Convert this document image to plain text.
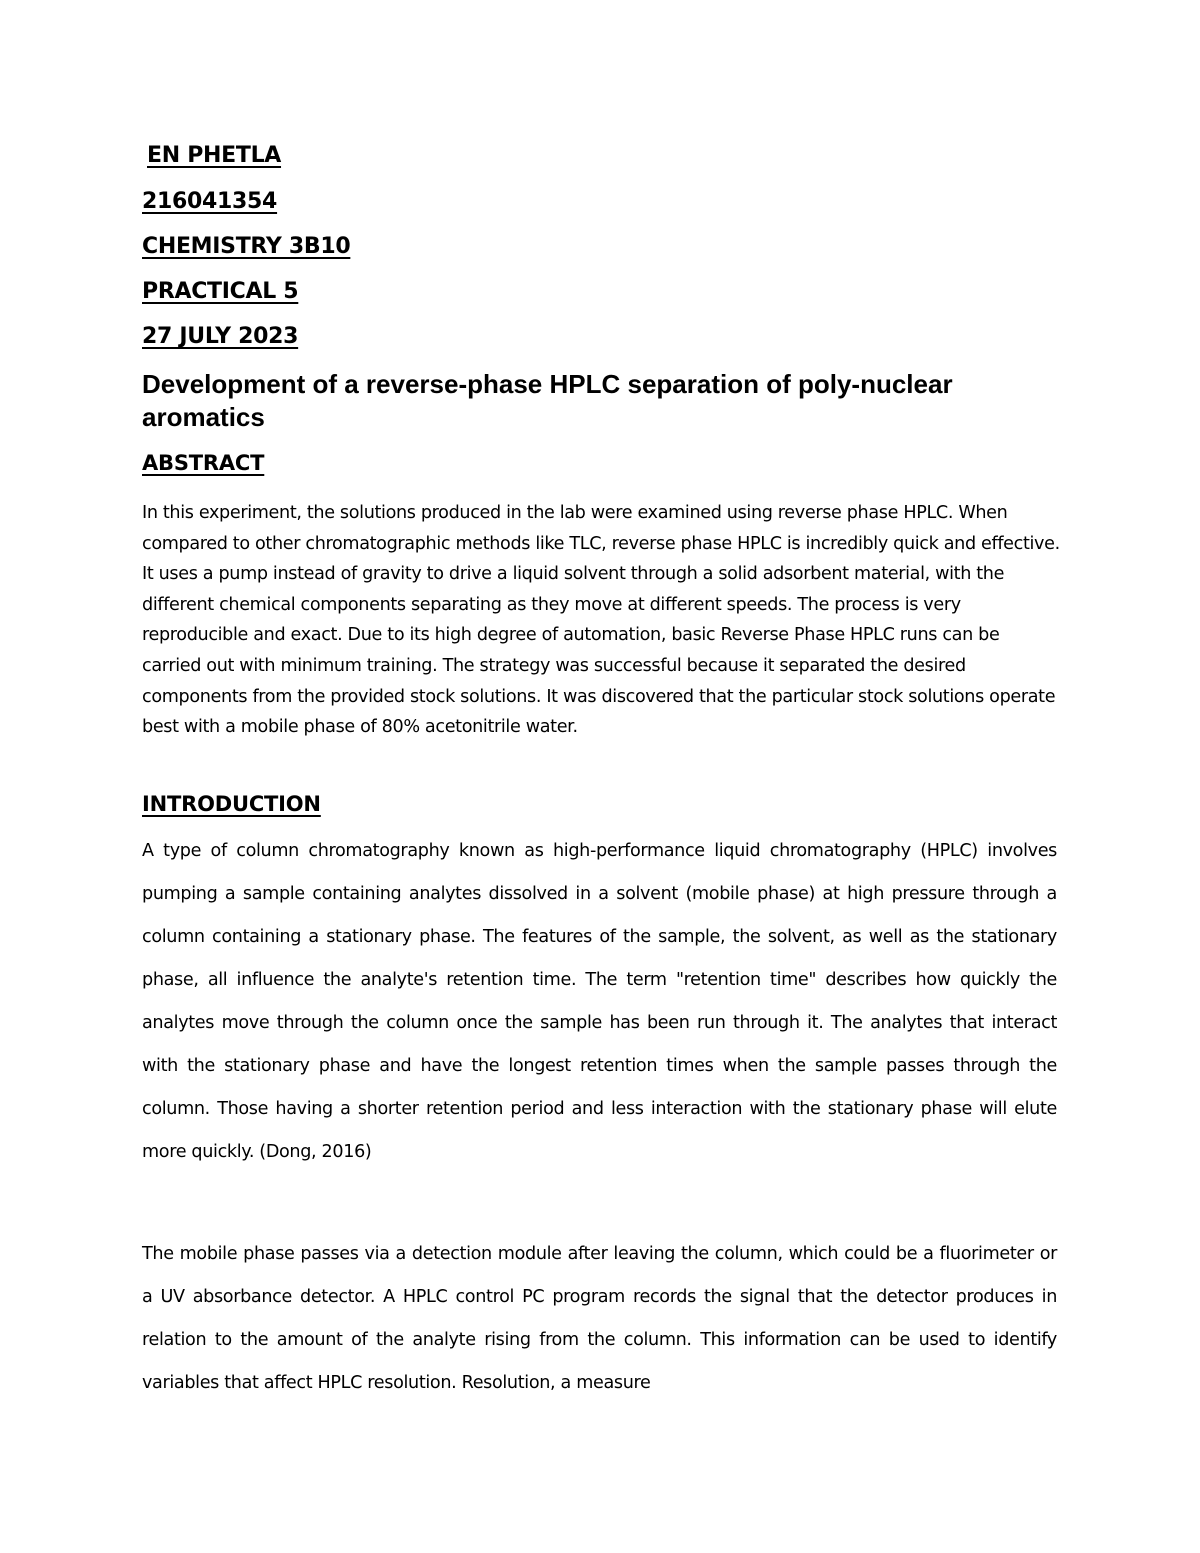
EN PHETLA

216041354

CHEMISTRY 3B10

PRACTICAL 5

27 JULY 2023

Development of a reverse-phase HPLC separation of poly-nuclear aromatics
ABSTRACT

In this experiment, the solutions produced in the lab were examined using reverse phase HPLC. When compared to other chromatographic methods like TLC, reverse phase HPLC is incredibly quick and effective. It uses a pump instead of gravity to drive a liquid solvent through a solid adsorbent material, with the different chemical components separating as they move at different speeds. The process is very reproducible and exact. Due to its high degree of automation, basic Reverse Phase HPLC runs can be carried out with minimum training. The strategy was successful because it separated the desired components from the provided stock solutions. It was discovered that the particular stock solutions operate best with a mobile phase of 80% acetonitrile water.

INTRODUCTION

A type of column chromatography known as high-performance liquid chromatography (HPLC) involves pumping a sample containing analytes dissolved in a solvent (mobile phase) at high pressure through a column containing a stationary phase. The features of the sample, the solvent, as well as the stationary phase, all influence the analyte's retention time. The term "retention time" describes how quickly the analytes move through the column once the sample has been run through it. The analytes that interact with the stationary phase and have the longest retention times when the sample passes through the column. Those having a shorter retention period and less interaction with the stationary phase will elute more quickly. (Dong, 2016)

The mobile phase passes via a detection module after leaving the column, which could be a fluorimeter or a UV absorbance detector. A HPLC control PC program records the signal that the detector produces in relation to the amount of the analyte rising from the column. This information can be used to identify variables that affect HPLC resolution. Resolution, a measure
